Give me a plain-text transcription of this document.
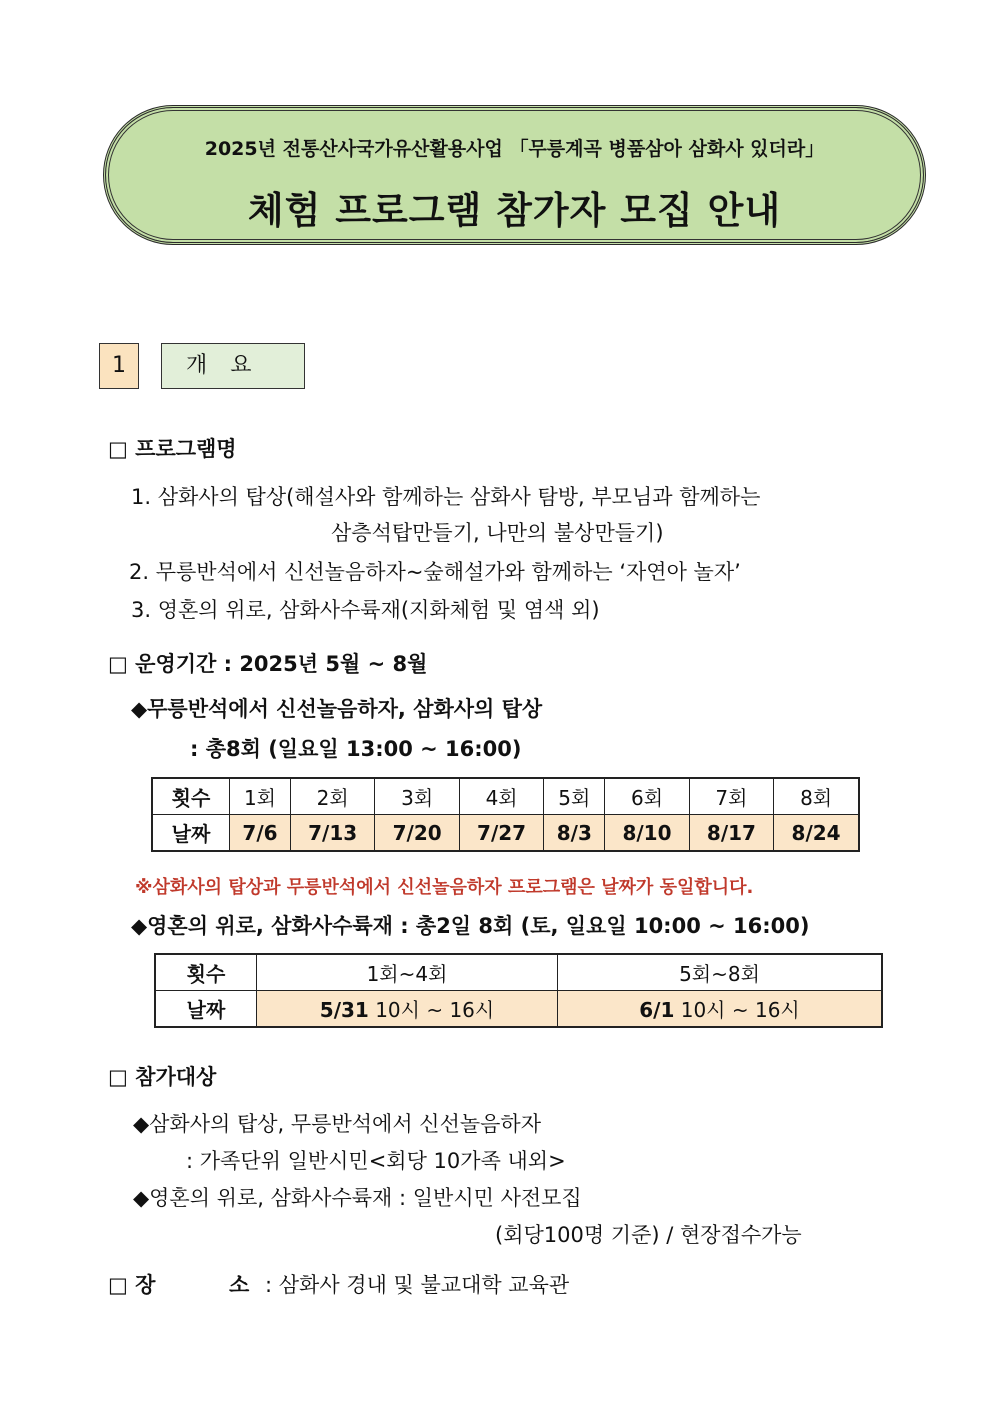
2025년 전통산사국가유산활용사업 「무릉계곡 병품삼아 삼화사 있더라」
체험 프로그램 참가자 모집 안내
1	개 요
□ 프로그램명
1. 삼화사의 탑상(해설사와 함께하는 삼화사 탐방, 부모님과 함께하는
삼층석탑만들기, 나만의 불상만들기)
2. 무릉반석에서 신선놀음하자~숲해설가와 함께하는 ‘자연아 놀자’
3. 영혼의 위로, 삼화사수륙재(지화체험 및 염색 외)
□ 운영기간 : 2025년 5월 ~ 8월
◆무릉반석에서 신선놀음하자, 삼화사의 탑상
: 총8회 (일요일 13:00 ~ 16:00)
횟수	1회	2회	3회	4회	5회	6회	7회	8회
날짜	7/6	7/13	7/20	7/27	8/3	8/10	8/17	8/24
※삼화사의 탑상과 무릉반석에서 신선놀음하자 프로그램은 날짜가 동일합니다.
◆영혼의 위로, 삼화사수륙재 : 총2일 8회 (토, 일요일 10:00 ~ 16:00)
횟수	1회~4회	5회~8회
날짜	5/31 10시 ~ 16시	6/1 10시 ~ 16시
□ 참가대상
◆삼화사의 탑상, 무릉반석에서 신선놀음하자
: 가족단위 일반시민<회당 10가족 내외>
◆영혼의 위로, 삼화사수륙재 : 일반시민 사전모집
(회당100명 기준) / 현장접수가능
□ 장	소 : 삼화사 경내 및 불교대학 교육관
